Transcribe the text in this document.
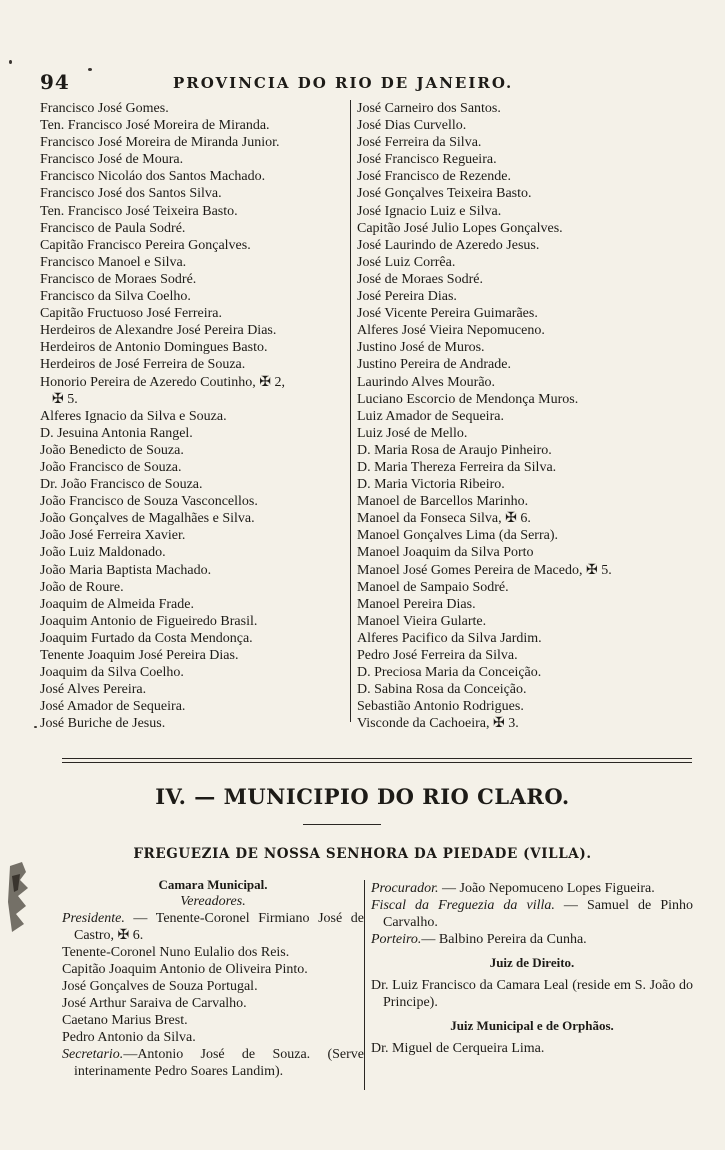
94	PROVINCIA DO RIO DE JANEIRO.
Francisco José Gomes.
Ten. Francisco José Moreira de Miranda.
Francisco José Moreira de Miranda Junior.
Francisco José de Moura.
Francisco Nicoláo dos Santos Machado.
Francisco José dos Santos Silva.
Ten. Francisco José Teixeira Basto.
Francisco de Paula Sodré.
Capitão Francisco Pereira Gonçalves.
Francisco Manoel e Silva.
Francisco de Moraes Sodré.
Francisco da Silva Coelho.
Capitão Fructuoso José Ferreira.
Herdeiros de Alexandre José Pereira Dias.
Herdeiros de Antonio Domingues Basto.
Herdeiros de José Ferreira de Souza.
Honorio Pereira de Azeredo Coutinho, ✠ 2,
✠ 5.
Alferes Ignacio da Silva e Souza.
D. Jesuina Antonia Rangel.
João Benedicto de Souza.
João Francisco de Souza.
Dr. João Francisco de Souza.
João Francisco de Souza Vasconcellos.
João Gonçalves de Magalhães e Silva.
João José Ferreira Xavier.
João Luiz Maldonado.
João Maria Baptista Machado.
João de Roure.
Joaquim de Almeida Frade.
Joaquim Antonio de Figueiredo Brasil.
Joaquim Furtado da Costa Mendonça.
Tenente Joaquim José Pereira Dias.
Joaquim da Silva Coelho.
José Alves Pereira.
José Amador de Sequeira.
José Buriche de Jesus.
José Carneiro dos Santos.
José Dias Curvello.
José Ferreira da Silva.
José Francisco Regueira.
José Francisco de Rezende.
José Gonçalves Teixeira Basto.
José Ignacio Luiz e Silva.
Capitão José Julio Lopes Gonçalves.
José Laurindo de Azeredo Jesus.
José Luiz Corrêa.
José de Moraes Sodré.
José Pereira Dias.
José Vicente Pereira Guimarães.
Alferes José Vieira Nepomuceno.
Justino José de Muros.
Justino Pereira de Andrade.
Laurindo Alves Mourão.
Luciano Escorcio de Mendonça Muros.
Luiz Amador de Sequeira.
Luiz José de Mello.
D. Maria Rosa de Araujo Pinheiro.
D. Maria Thereza Ferreira da Silva.
D. Maria Victoria Ribeiro.
Manoel de Barcellos Marinho.
Manoel da Fonseca Silva, ✠ 6.
Manoel Gonçalves Lima (da Serra).
Manoel Joaquim da Silva Porto
Manoel José Gomes Pereira de Macedo, ✠ 5.
Manoel de Sampaio Sodré.
Manoel Pereira Dias.
Manoel Vieira Gularte.
Alferes Pacifico da Silva Jardim.
Pedro José Ferreira da Silva.
D. Preciosa Maria da Conceição.
D. Sabina Rosa da Conceição.
Sebastião Antonio Rodrigues.
Visconde da Cachoeira, ✠ 3.
IV. — MUNICIPIO DO RIO CLARO.
FREGUEZIA DE NOSSA SENHORA DA PIEDADE (VILLA).
Camara Municipal.
Vereadores.
Presidente. — Tenente-Coronel Firmiano José de Castro, ✠ 6.
Tenente-Coronel Nuno Eulalio dos Reis.
Capitão Joaquim Antonio de Oliveira Pinto.
José Gonçalves de Souza Portugal.
José Arthur Saraiva de Carvalho.
Caetano Marius Brest.
Pedro Antonio da Silva.
Secretario.—Antonio José de Souza. (Serve interinamente Pedro Soares Landim).
Procurador. — João Nepomuceno Lopes Figueira.
Fiscal da Freguezia da villa. — Samuel de Pinho Carvalho.
Porteiro.— Balbino Pereira da Cunha.
Juiz de Direito.
Dr. Luiz Francisco da Camara Leal (reside em S. João do Principe).
Juiz Municipal e de Orphãos.
Dr. Miguel de Cerqueira Lima.
